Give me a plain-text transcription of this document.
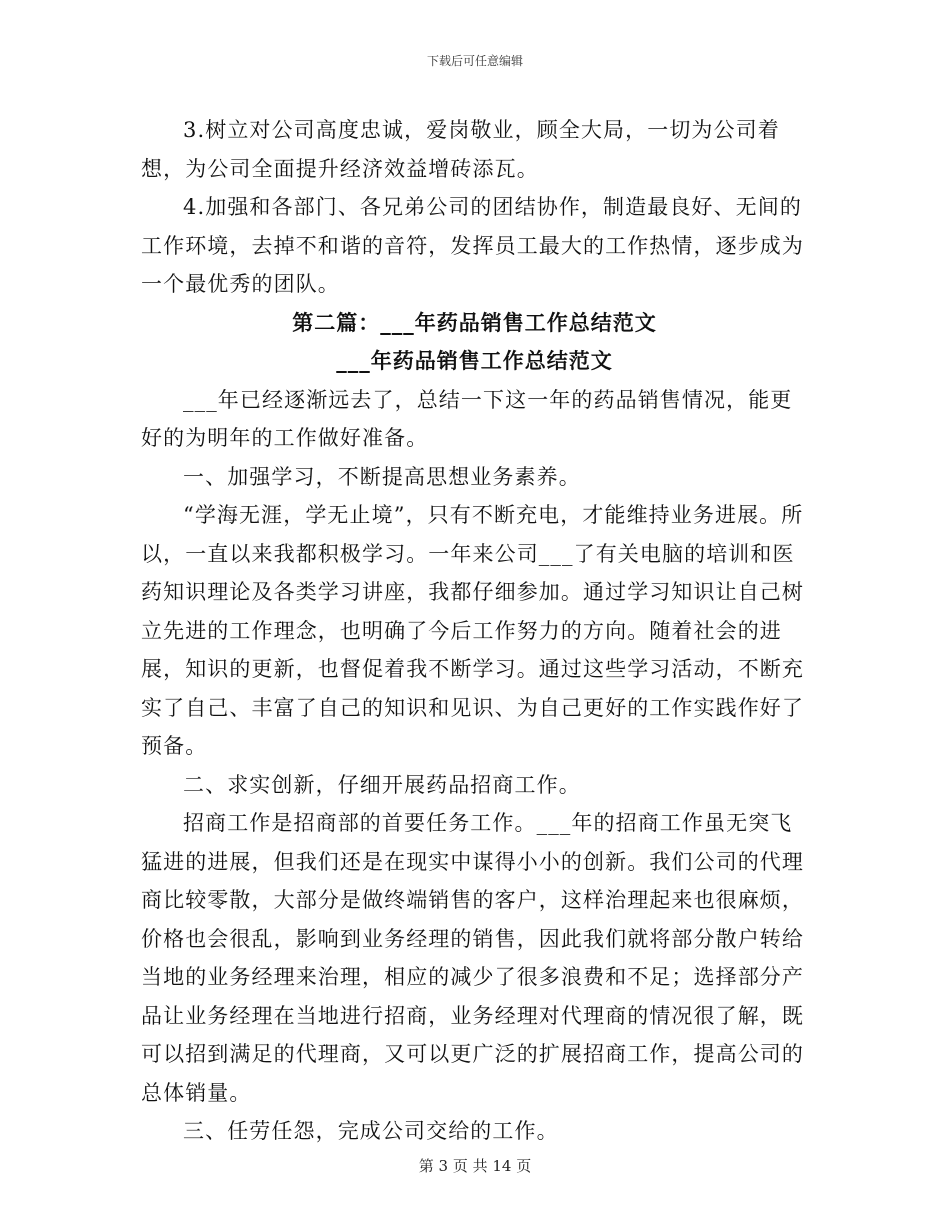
下载后可任意编辑

3.树立对公司高度忠诚，爱岗敬业，顾全大局，一切为公司着想，为公司全面提升经济效益增砖添瓦。

4.加强和各部门、各兄弟公司的团结协作，制造最良好、无间的工作环境，去掉不和谐的音符，发挥员工最大的工作热情，逐步成为一个最优秀的团队。

第二篇：___年药品销售工作总结范文

___年药品销售工作总结范文

___年已经逐渐远去了，总结一下这一年的药品销售情况，能更好的为明年的工作做好准备。

一、加强学习，不断提高思想业务素养。

“学海无涯，学无止境”，只有不断充电，才能维持业务进展。所以，一直以来我都积极学习。一年来公司___了有关电脑的培训和医药知识理论及各类学习讲座，我都仔细参加。通过学习知识让自己树立先进的工作理念，也明确了今后工作努力的方向。随着社会的进展，知识的更新，也督促着我不断学习。通过这些学习活动，不断充实了自己、丰富了自己的知识和见识、为自己更好的工作实践作好了预备。

二、求实创新，仔细开展药品招商工作。

招商工作是招商部的首要任务工作。___年的招商工作虽无突飞猛进的进展，但我们还是在现实中谋得小小的创新。我们公司的代理商比较零散，大部分是做终端销售的客户，这样治理起来也很麻烦，价格也会很乱，影响到业务经理的销售，因此我们就将部分散户转给当地的业务经理来治理，相应的减少了很多浪费和不足；选择部分产品让业务经理在当地进行招商，业务经理对代理商的情况很了解，既可以招到满足的代理商，又可以更广泛的扩展招商工作，提高公司的总体销量。

三、任劳任怨，完成公司交给的工作。

第 3 页 共 14 页
